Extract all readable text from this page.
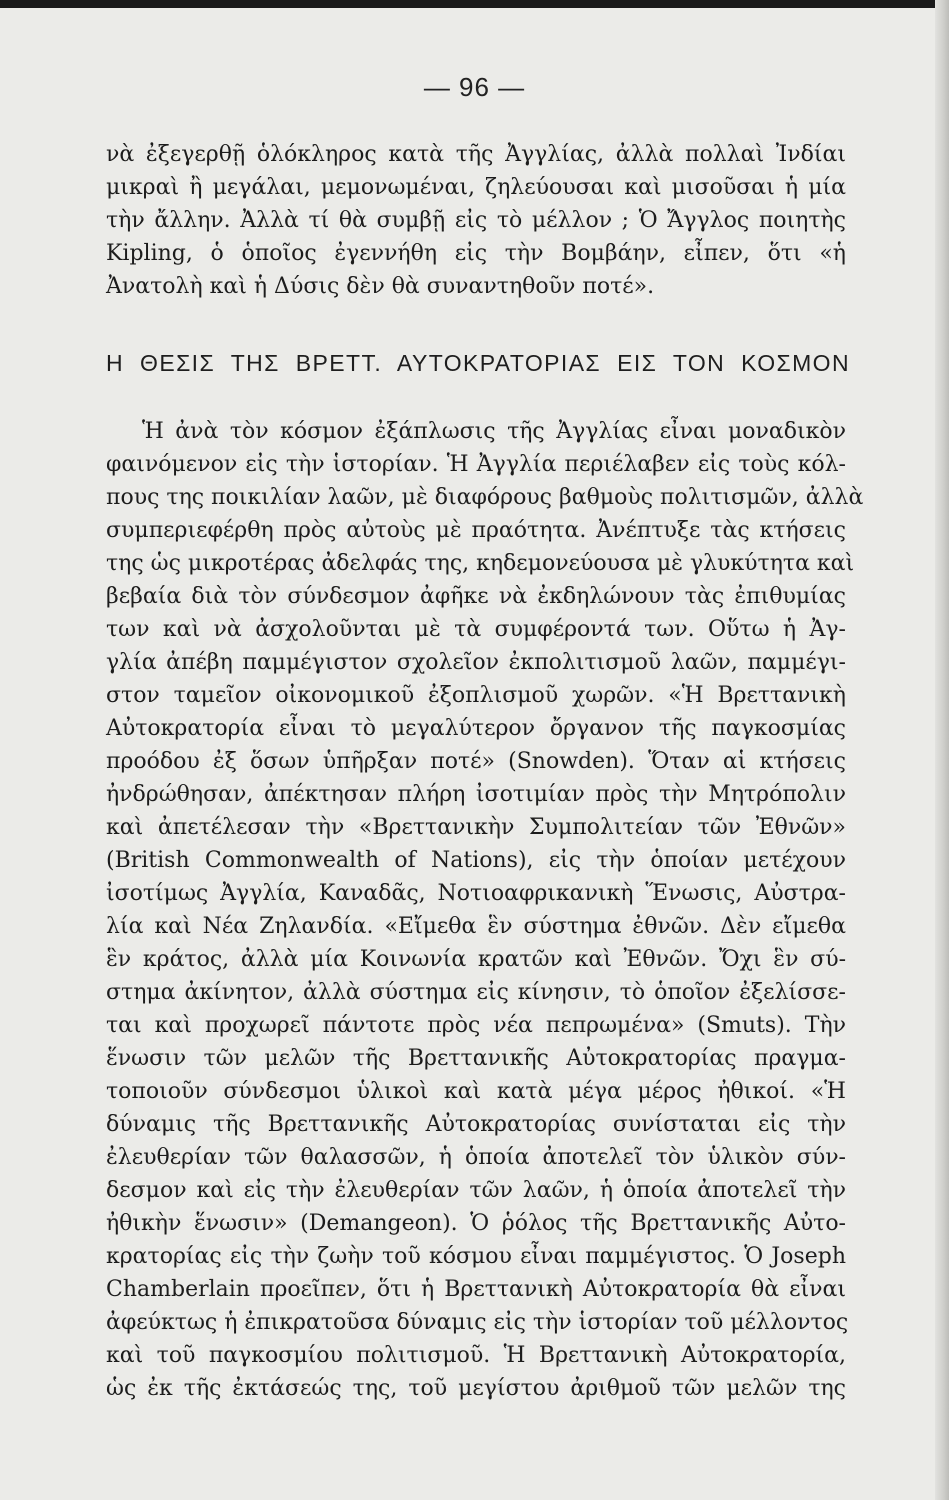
— 96 —
νὰ ἐξεγερθῇ ὁλόκληρος κατὰ τῆς Ἀγγλίας, ἀλλὰ πολλαὶ Ἰνδίαι
μικραὶ ἢ μεγάλαι, μεμονωμέναι, ζηλεύουσαι καὶ μισοῦσαι ἡ μία
τὴν ἄλλην. Ἀλλὰ τί θὰ συμβῇ εἰς τὸ μέλλον ; Ὁ Ἄγγλος ποιητὴς
Kipling, ὁ ὁποῖος ἐγεννήθη εἰς τὴν Βομβάην, εἶπεν, ὅτι «ἡ
Ἀνατολὴ καὶ ἡ Δύσις δὲν θὰ συναντηθοῦν ποτέ».
Η ΘΕΣΙΣ ΤΗΣ ΒΡΕΤΤ. ΑΥΤΟΚΡΑΤΟΡΙΑΣ ΕΙΣ ΤΟΝ ΚΟΣΜΟΝ
Ἡ ἀνὰ τὸν κόσμον ἐξάπλωσις τῆς Ἀγγλίας εἶναι μοναδικὸν
φαινόμενον εἰς τὴν ἱστορίαν. Ἡ Ἀγγλία περιέλαβεν εἰς τοὺς κόλ-
πους της ποικιλίαν λαῶν, μὲ διαφόρους βαθμοὺς πολιτισμῶν, ἀλλὰ
συμπεριεφέρθη πρὸς αὐτοὺς μὲ πραότητα. Ἀνέπτυξε τὰς κτήσεις
της ὡς μικροτέρας ἀδελφάς της, κηδεμονεύουσα μὲ γλυκύτητα καὶ
βεβαία διὰ τὸν σύνδεσμον ἀφῆκε νὰ ἐκδηλώνουν τὰς ἐπιθυμίας
των καὶ νὰ ἀσχολοῦνται μὲ τὰ συμφέροντά των. Οὕτω ἡ Ἀγ-
γλία ἀπέβη παμμέγιστον σχολεῖον ἐκπολιτισμοῦ λαῶν, παμμέγι-
στον ταμεῖον οἰκονομικοῦ ἐξοπλισμοῦ χωρῶν. «Ἡ Βρεττανικὴ
Αὐτοκρατορία εἶναι τὸ μεγαλύτερον ὄργανον τῆς παγκοσμίας
προόδου ἐξ ὅσων ὑπῆρξαν ποτέ» (Snowden). Ὅταν αἱ κτήσεις
ἠνδρώθησαν, ἀπέκτησαν πλήρη ἰσοτιμίαν πρὸς τὴν Μητρόπολιν
καὶ ἀπετέλεσαν τὴν «Βρεττανικὴν Συμπολιτείαν τῶν Ἐθνῶν»
(British Commonwealth of Nations), εἰς τὴν ὁποίαν μετέχουν
ἰσοτίμως Ἀγγλία, Καναδᾶς, Νοτιοαφρικανικὴ Ἕνωσις, Αὐστρα-
λία καὶ Νέα Ζηλανδία. «Εἴμεθα ἓν σύστημα ἐθνῶν. Δὲν εἴμεθα
ἓν κράτος, ἀλλὰ μία Κοινωνία κρατῶν καὶ Ἐθνῶν. Ὄχι ἓν σύ-
στημα ἀκίνητον, ἀλλὰ σύστημα εἰς κίνησιν, τὸ ὁποῖον ἐξελίσσε-
ται καὶ προχωρεῖ πάντοτε πρὸς νέα πεπρωμένα» (Smuts). Τὴν
ἕνωσιν τῶν μελῶν τῆς Βρεττανικῆς Αὐτοκρατορίας πραγμα-
τοποιοῦν σύνδεσμοι ὑλικοὶ καὶ κατὰ μέγα μέρος ἠθικοί. «Ἡ
δύναμις τῆς Βρεττανικῆς Αὐτοκρατορίας συνίσταται εἰς τὴν
ἐλευθερίαν τῶν θαλασσῶν, ἡ ὁποία ἀποτελεῖ τὸν ὑλικὸν σύν-
δεσμον καὶ εἰς τὴν ἐλευθερίαν τῶν λαῶν, ἡ ὁποία ἀποτελεῖ τὴν
ἠθικὴν ἕνωσιν» (Demangeon). Ὁ ῥόλος τῆς Βρεττανικῆς Αὐτο-
κρατορίας εἰς τὴν ζωὴν τοῦ κόσμου εἶναι παμμέγιστος. Ὁ Joseph
Chamberlain προεῖπεν, ὅτι ἡ Βρεττανικὴ Αὐτοκρατορία θὰ εἶναι
ἀφεύκτως ἡ ἐπικρατοῦσα δύναμις εἰς τὴν ἱστορίαν τοῦ μέλλοντος
καὶ τοῦ παγκοσμίου πολιτισμοῦ. Ἡ Βρεττανικὴ Αὐτοκρατορία,
ὡς ἐκ τῆς ἐκτάσεώς της, τοῦ μεγίστου ἀριθμοῦ τῶν μελῶν της
